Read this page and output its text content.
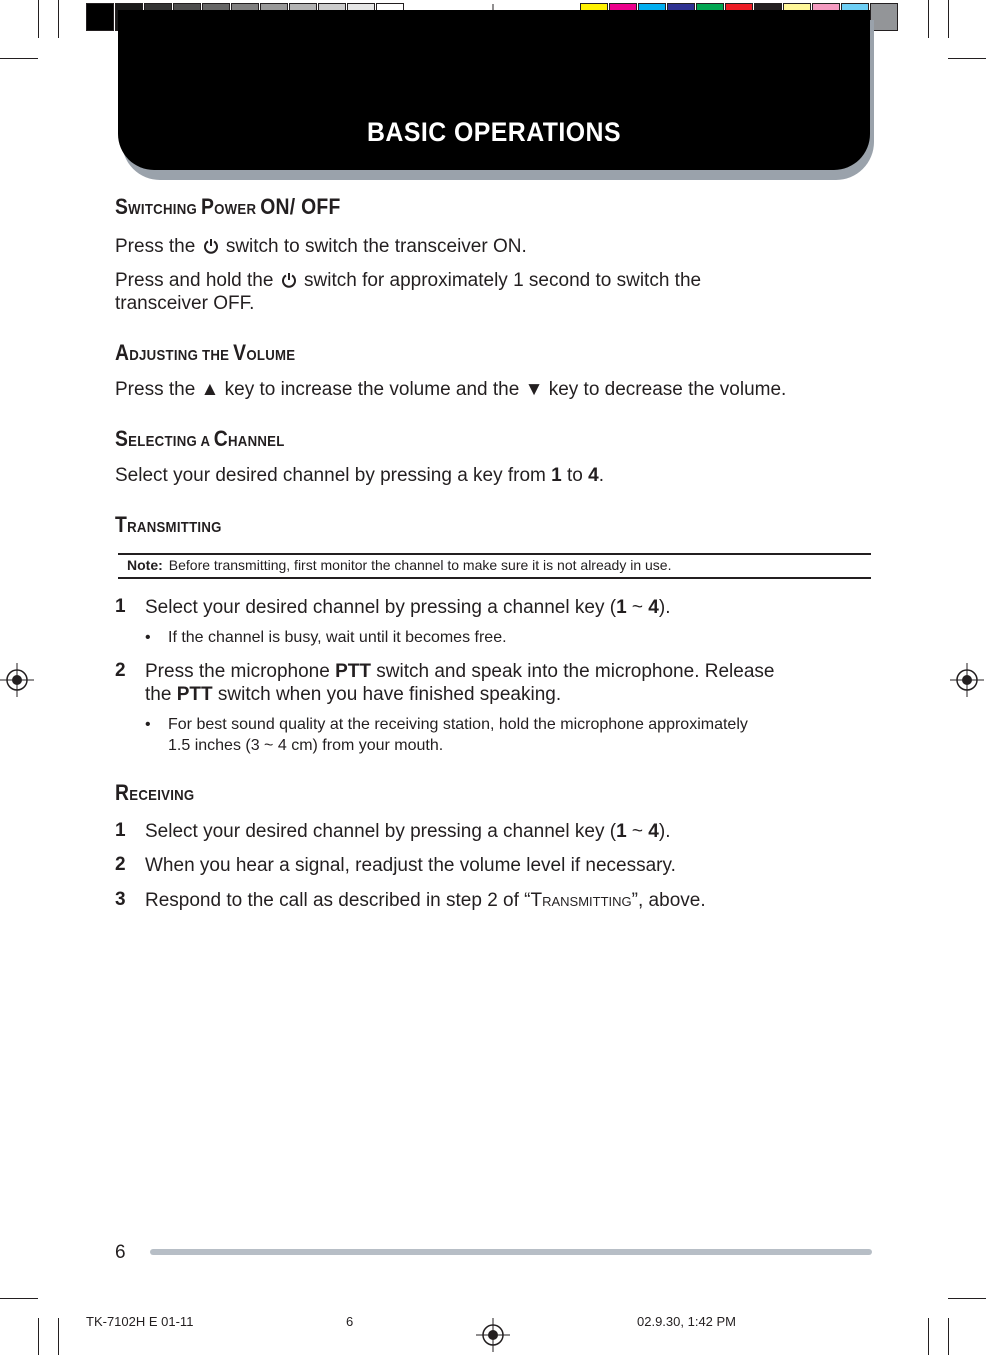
BASIC OPERATIONS
SWITCHING POWER ON/ OFF
Press the switch to switch the transceiver ON.
Press and hold the switch for approximately 1 second to switch the
transceiver OFF.
ADJUSTING THE VOLUME
Press the ▲ key to increase the volume and the ▼ key to decrease the volume.
SELECTING A CHANNEL
Select your desired channel by pressing a key from 1 to 4.
TRANSMITTING
Note: Before transmitting, first monitor the channel to make sure it is not already in use.
1 Select your desired channel by pressing a channel key (1 ~ 4).
• If the channel is busy, wait until it becomes free.
2 Press the microphone PTT switch and speak into the microphone. Release
the PTT switch when you have finished speaking.
• For best sound quality at the receiving station, hold the microphone approximately
1.5 inches (3 ~ 4 cm) from your mouth.
RECEIVING
1 Select your desired channel by pressing a channel key (1 ~ 4).
2 When you hear a signal, readjust the volume level if necessary.
3 Respond to the call as described in step 2 of “TRANSMITTING”, above.
6
TK-7102H E 01-11	6	02.9.30, 1:42 PM
